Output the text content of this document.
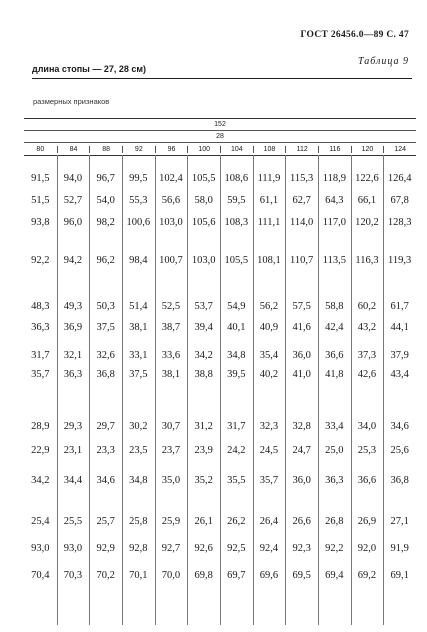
ГОСТ 26456.0—89 С. 47
Таблица 9
длина стопы — 27, 28 см)
размерных признаков
152
28
80	84	88	92	96	100	104	108	112	116	120	124
91,5	94,0	96,7	99,5	102,4 105,5 108,6 111,9 115,3 118,9 122,6 126,4
51,5	52,7	54,0	55,3	56,6	58,0	59,5	61,1	62,7	64,3	66,1	67,8
93,8	96,0	98,2	100,6 103,0 105,6 108,3 111,1 114,0 117,0 120,2 128,3
92,2	94,2	96,2	98,4	100,7 103,0 105,5 108,1 110,7 113,5 116,3 119,3
48,3	49,3	50,3	51,4	52,5	53,7	54,9	56,2	57,5	58,8	60,2	61,7
36,3	36,9	37,5	38,1	38,7	39,4	40,1	40,9	41,6	42,4	43,2	44,1
31,7	32,1	32,6	33,1	33,6	34,2	34,8	35,4	36,0	36,6	37,3	37,9
35,7	36,3	36,8	37,5	38,1	38,8	39,5	40,2	41,0	41,8	42,6	43,4
28,9	29,3	29,7	30,2	30,7	31,2	31,7	32,3	32,8	33,4	34,0	34,6
22,9	23,1	23,3	23,5	23,7	23,9	24,2	24,5	24,7	25,0	25,3	25,6
34,2	34,4	34,6	34,8	35,0	35,2	35,5	35,7	36,0	36,3	36,6	36,8
25,4	25,5	25,7	25,8	25,9	26,1	26,2	26,4	26,6	26,8	26,9	27,1
93,0	93,0	92,9	92,8	92,7	92,6	92,5	92,4	92,3	92,2	92,0	91,9
70,4	70,3	70,2	70,1	70,0	69,8	69,7	69,6	69,5	69,4	69,2	69,1
